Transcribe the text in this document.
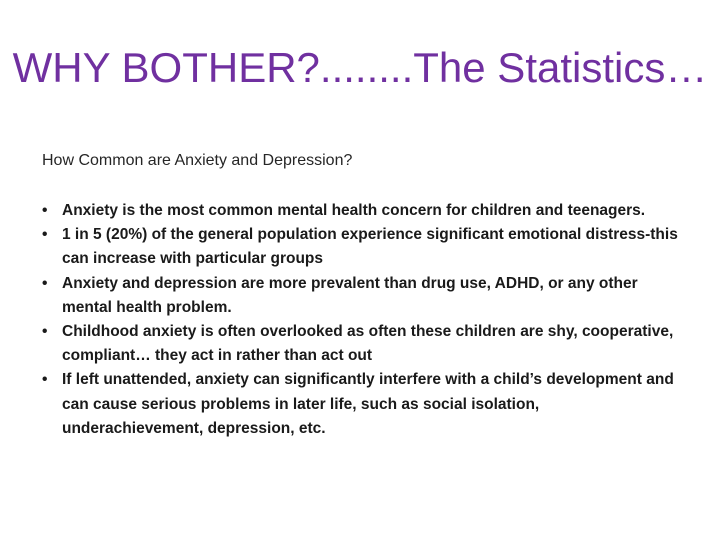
WHY BOTHER?........The Statistics…
How Common are Anxiety and Depression?
• Anxiety is the most common mental health concern for children and teenagers.
• 1 in 5 (20%) of the general population experience significant emotional distress-this can increase with particular groups
• Anxiety and depression are more prevalent than drug use, ADHD, or any other mental health problem.
• Childhood anxiety is often overlooked as often these children are shy, cooperative, compliant… they act in rather than act out
• If left unattended, anxiety can significantly interfere with a child’s development and can cause serious problems in later life, such as social isolation, underachievement, depression, etc.
